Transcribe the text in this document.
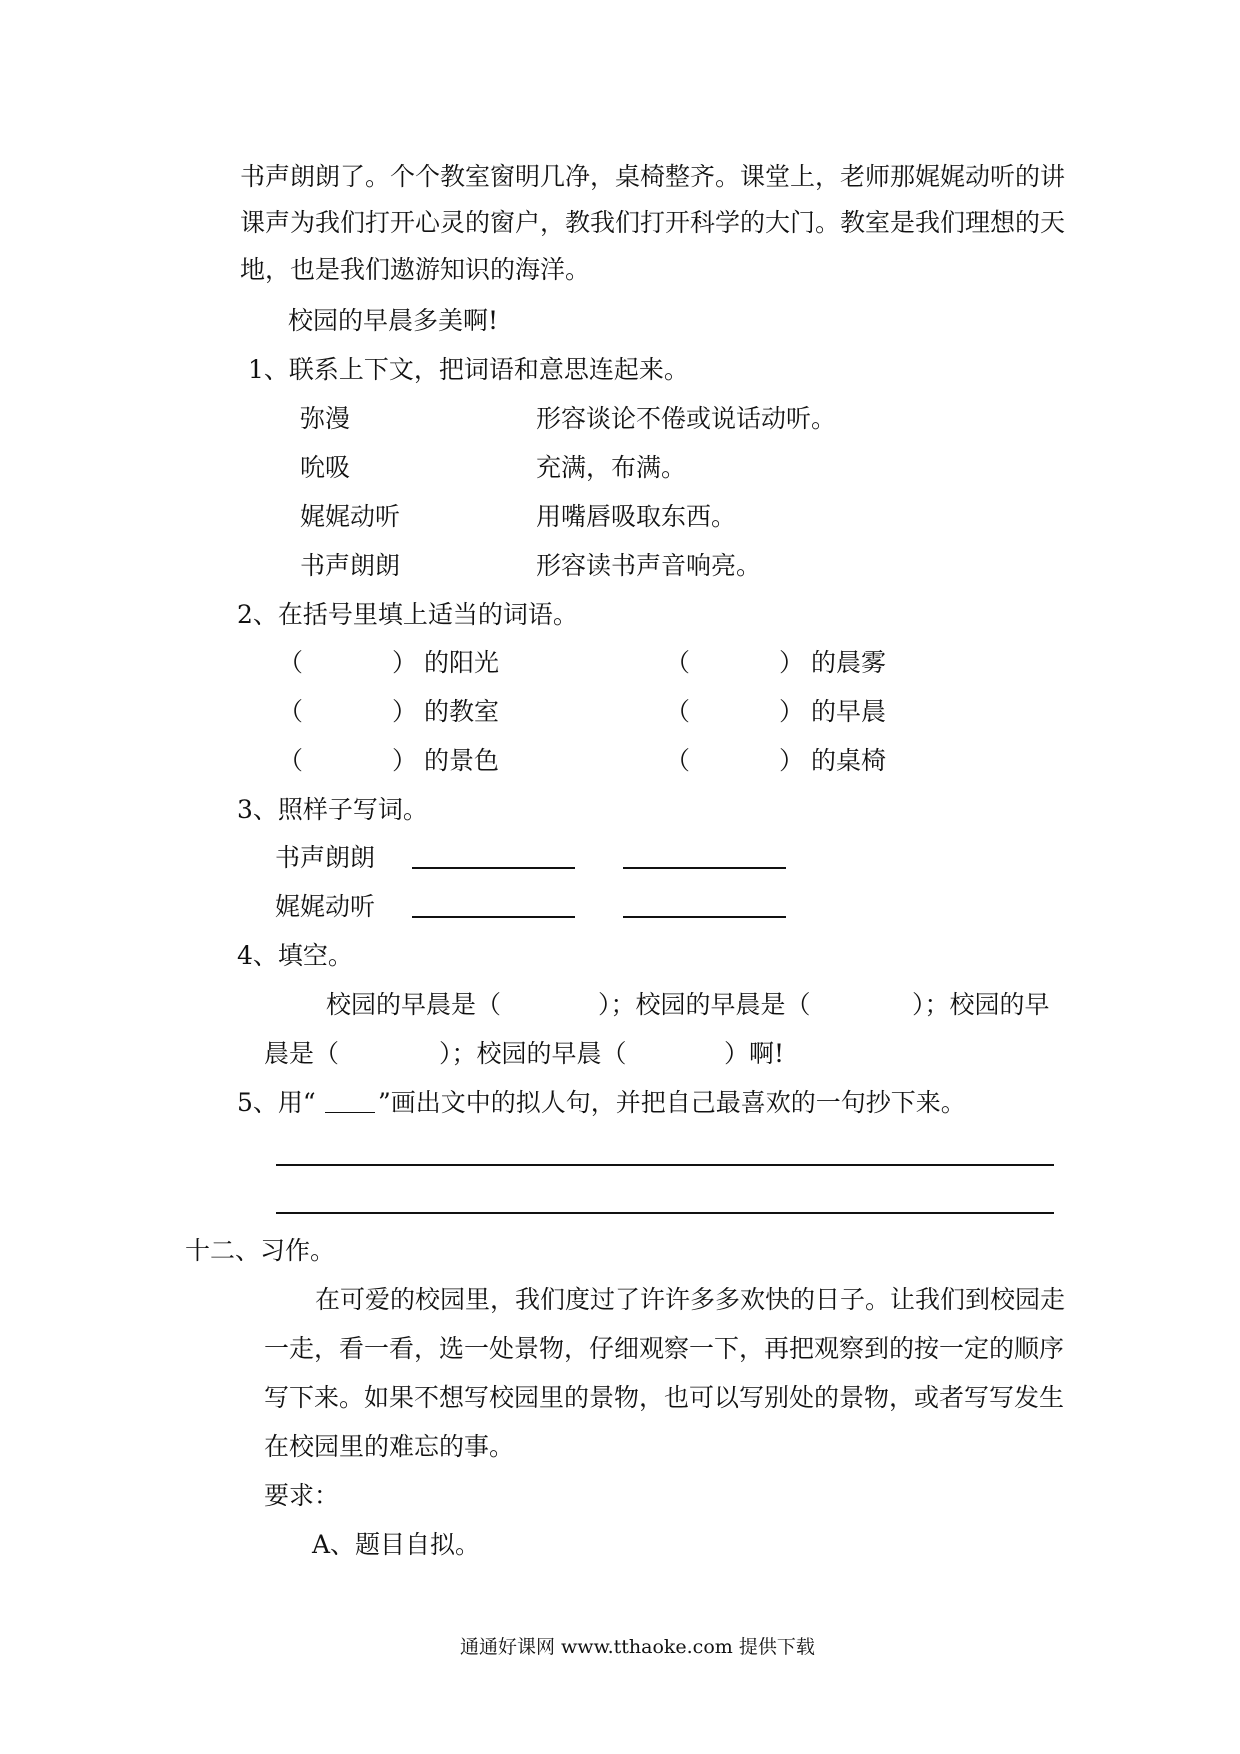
书声朗朗了。个个教室窗明几净，桌椅整齐。课堂上，老师那娓娓动听的讲
课声为我们打开心灵的窗户，教我们打开科学的大门。教室是我们理想的天
地，也是我们遨游知识的海洋。
校园的早晨多美啊!
1、联系上下文，把词语和意思连起来。
弥漫	形容谈论不倦或说话动听。
吮吸	充满，布满。
娓娓动听	用嘴唇吸取东西。
书声朗朗	形容读书声音响亮。
2、在括号里填上适当的词语。
（	） 的阳光	（	） 的晨雾
（	） 的教室	（	） 的早晨
（	） 的景色	（	） 的桌椅
3、照样子写词。
书声朗朗
娓娓动听
4、填空。
校园的早晨是（	）；校园的早晨是（	）；校园的早
晨是（	）；校园的早晨（	）啊!
5、用“ ”画出文中的拟人句，并把自己最喜欢的一句抄下来。
十二、习作。
在可爱的校园里，我们度过了许许多多欢快的日子。让我们到校园走
一走，看一看，选一处景物，仔细观察一下，再把观察到的按一定的顺序
写下来。如果不想写校园里的景物，也可以写别处的景物，或者写写发生
在校园里的难忘的事。
要求：
A、题目自拟。
通通好课网 www.tthaoke.com 提供下载
